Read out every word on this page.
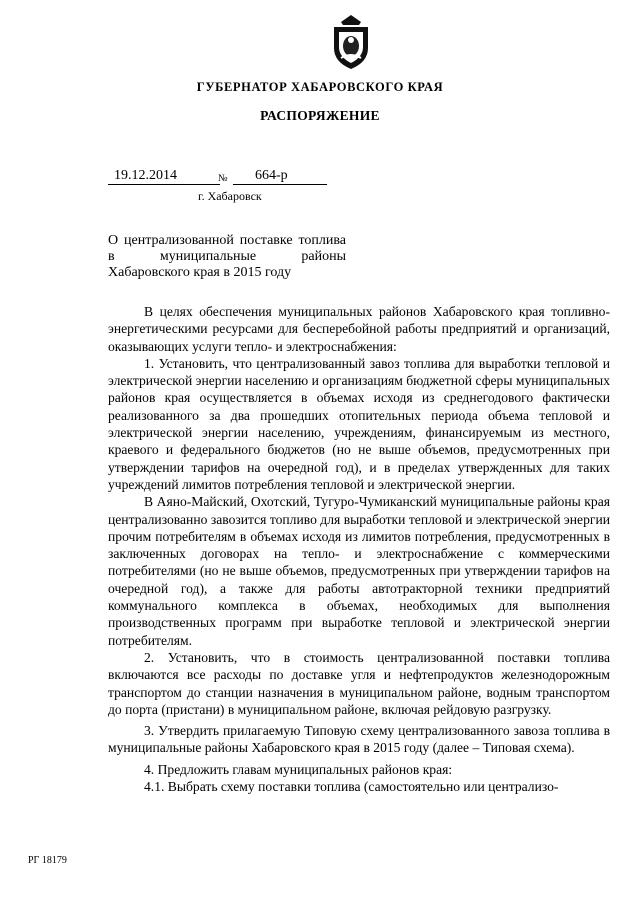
ГУБЕРНАТОР ХАБАРОВСКОГО КРАЯ
РАСПОРЯЖЕНИЕ
19.12.2014	№	664-р
г. Хабаровск
О централизованной поставке топлива в муниципальные районы Хабаровского края в 2015 году

В целях обеспечения муниципальных районов Хабаровского края топливно-энергетическими ресурсами для бесперебойной работы предприятий и организаций, оказывающих услуги тепло- и электроснабжения:

1. Установить, что централизованный завоз топлива для выработки тепловой и электрической энергии населению и организациям бюджетной сферы муниципальных районов края осуществляется в объемах исходя из среднегодового фактически реализованного за два прошедших отопительных периода объема тепловой и электрической энергии населению, учреждениям, финансируемым из местного, краевого и федерального бюджетов (но не выше объемов, предусмотренных при утверждении тарифов на очередной год), и в пределах утвержденных для таких учреждений лимитов потребления тепловой и электрической энергии.

В Аяно-Майский, Охотский, Тугуро-Чумиканский муниципальные районы края централизованно завозится топливо для выработки тепловой и электрической энергии прочим потребителям в объемах исходя из лимитов потребления, предусмотренных в заключенных договорах на тепло- и электроснабжение с коммерческими потребителями (но не выше объемов, предусмотренных при утверждении тарифов на очередной год), а также для работы автотракторной техники предприятий коммунального комплекса в объемах, необходимых для выполнения производственных программ при выработке тепловой и электрической энергии потребителям.

2. Установить, что в стоимость централизованной поставки топлива включаются все расходы по доставке угля и нефтепродуктов железнодорожным транспортом до станции назначения в муниципальном районе, водным транспортом до порта (пристани) в муниципальном районе, включая рейдовую разгрузку.

3. Утвердить прилагаемую Типовую схему централизованного завоза топлива в муниципальные районы Хабаровского края в 2015 году (далее – Типовая схема).

4. Предложить главам муниципальных районов края:

4.1. Выбрать схему поставки топлива (самостоятельно или централизо-

РГ 18179
